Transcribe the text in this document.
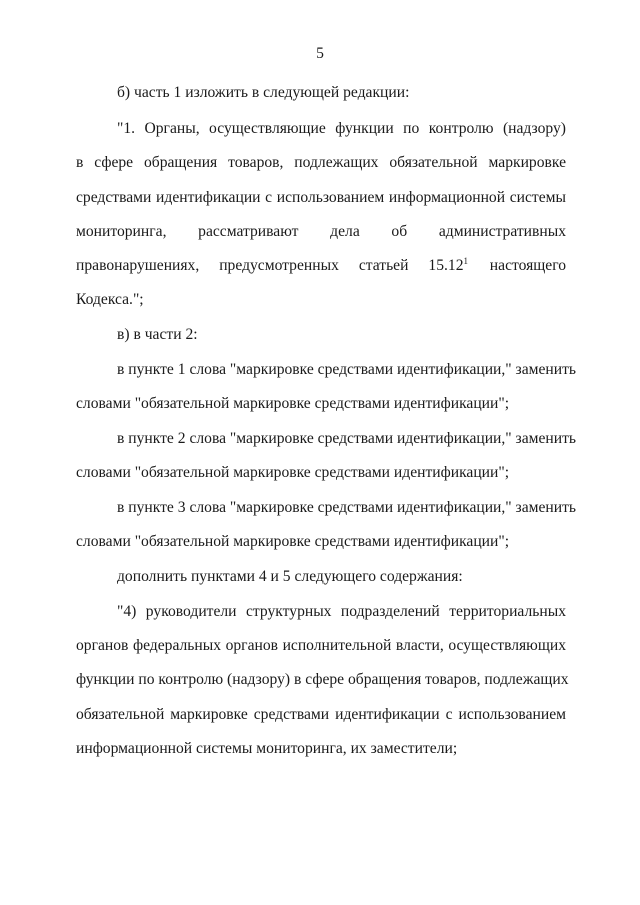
5
б) часть 1 изложить в следующей редакции:
"1. Органы, осуществляющие функции по контролю (надзору)
в сфере обращения товаров, подлежащих обязательной маркировке
средствами идентификации с использованием информационной системы
мониторинга, рассматривают дела об административных
правонарушениях, предусмотренных статьей 15.12$^1$ настоящего
Кодекса.";
в) в части 2:
в пункте 1 слова "маркировке средствами идентификации," заменить
словами "обязательной маркировке средствами идентификации";
в пункте 2 слова "маркировке средствами идентификации," заменить
словами "обязательной маркировке средствами идентификации";
в пункте 3 слова "маркировке средствами идентификации," заменить
словами "обязательной маркировке средствами идентификации";
дополнить пунктами 4 и 5 следующего содержания:
"4) руководители структурных подразделений территориальных
органов федеральных органов исполнительной власти, осуществляющих
функции по контролю (надзору) в сфере обращения товаров, подлежащих
обязательной маркировке средствами идентификации с использованием
информационной системы мониторинга, их заместители;
